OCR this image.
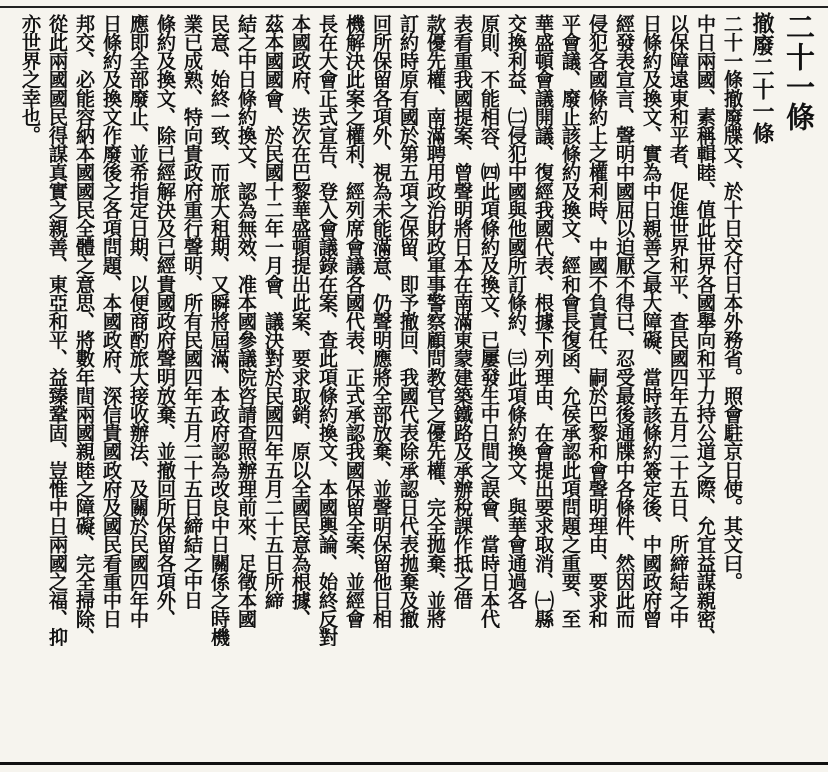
二十一條
撤廢二十一條
二十一條撤廢牒文、於十日交付日本外務省。照會駐京日使。其文曰。
中日兩國、素稱輯睦、值此世界各國舉向和平力持公道之際、允宜益謀親密、
以保障遠東和平者、促進世界和平、查民國四年五月二十五日、所締結之中
日條約及換文、實為中日親善之最大障礙、當時該條約簽定後、中國政府曾
經發表宣言、聲明中國屈以迫厭不得已、忍受最後通牒中各條件、然因此而
侵犯各國條約上之權利時、中國不負責任、嗣於巴黎和會聲明理由、要求和
平會議、廢止該條約及換文、經和會長復函、允侯承認此項問題之重要、至
華盛頓會議開議、復經我國代表、根據下列理由、在會提出要求取消、㈠縣
交換利益、㈡侵犯中國與他國所訂條約、㈢此項條約換文、與華會通過各
原則、不能相容、㈣此項條約及換文、已屢發生中日間之誤會、當時日本代
表看重我國提案、曾聲明將日本在南滿東蒙建築鐵路及承辦稅課作抵之借
款優先權、南滿聘用政治財政軍事警察顧問教官之優先權、完全拋棄、並將
訂約時原有國於第五項之保留、即予撤回、我國代表除承認日代表拋棄及撤
回所保留各項外、視為未能滿意、仍聲明應將全部放棄、並聲明保留他日相
機解決此案之權利、經列席會議各國代表、正式承認我國保留全案、並經會
長在大會正式宣告、登入會議錄在案、查此項條約換文、本國輿論、始終反對
本國政府、迭次在巴黎華盛頓提出此案、要求取銷、原以全國民意為根據、
茲本國國會、於民國十二年一月會、議決對於民國四年五月二十五日所締
結之中日條約換文、認為無效、准本國參議院咨請查照辦理前來、足徵本國
民意、始終一致、而旅大租期、又瞬將屆滿、本政府認為改良中日關係之時機
業已成熟、特向貴政府重行聲明、所有民國四年五月二十五日締結之中日
條約及換文、除已經解決及已經貴國政府聲明放棄、並撤回所保留各項外、
應即全部廢止、並希指定日期、以便商酌旅大接收辦法、及關於民國四年中
日條約及換文作廢後之各項問題、本國政府、深信貴國政府及國民看重中日
邦交、必能容納本國國民全體之意思、將數年間兩國親睦之障礙、完全掃除、
從此兩國國民得謀真實之親善、東亞和平、益臻鞏固、豈惟中日兩國之福、抑
亦世界之幸也。
